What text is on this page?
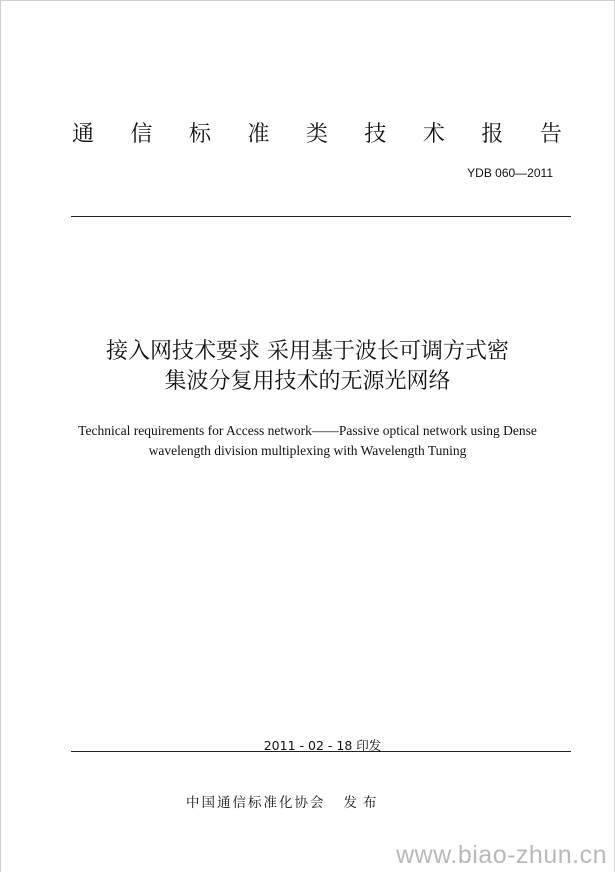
通 信 标 准 类 技 术 报 告
YDB 060—2011
接入网技术要求 采用基于波长可调方式密
集波分复用技术的无源光网络
Technical requirements for Access network——Passive optical network using Dense
wavelength division multiplexing with Wavelength Tuning
2011 - 02 - 18 印发
中国通信标准化协会 发布
www.biao-zhun.cn
